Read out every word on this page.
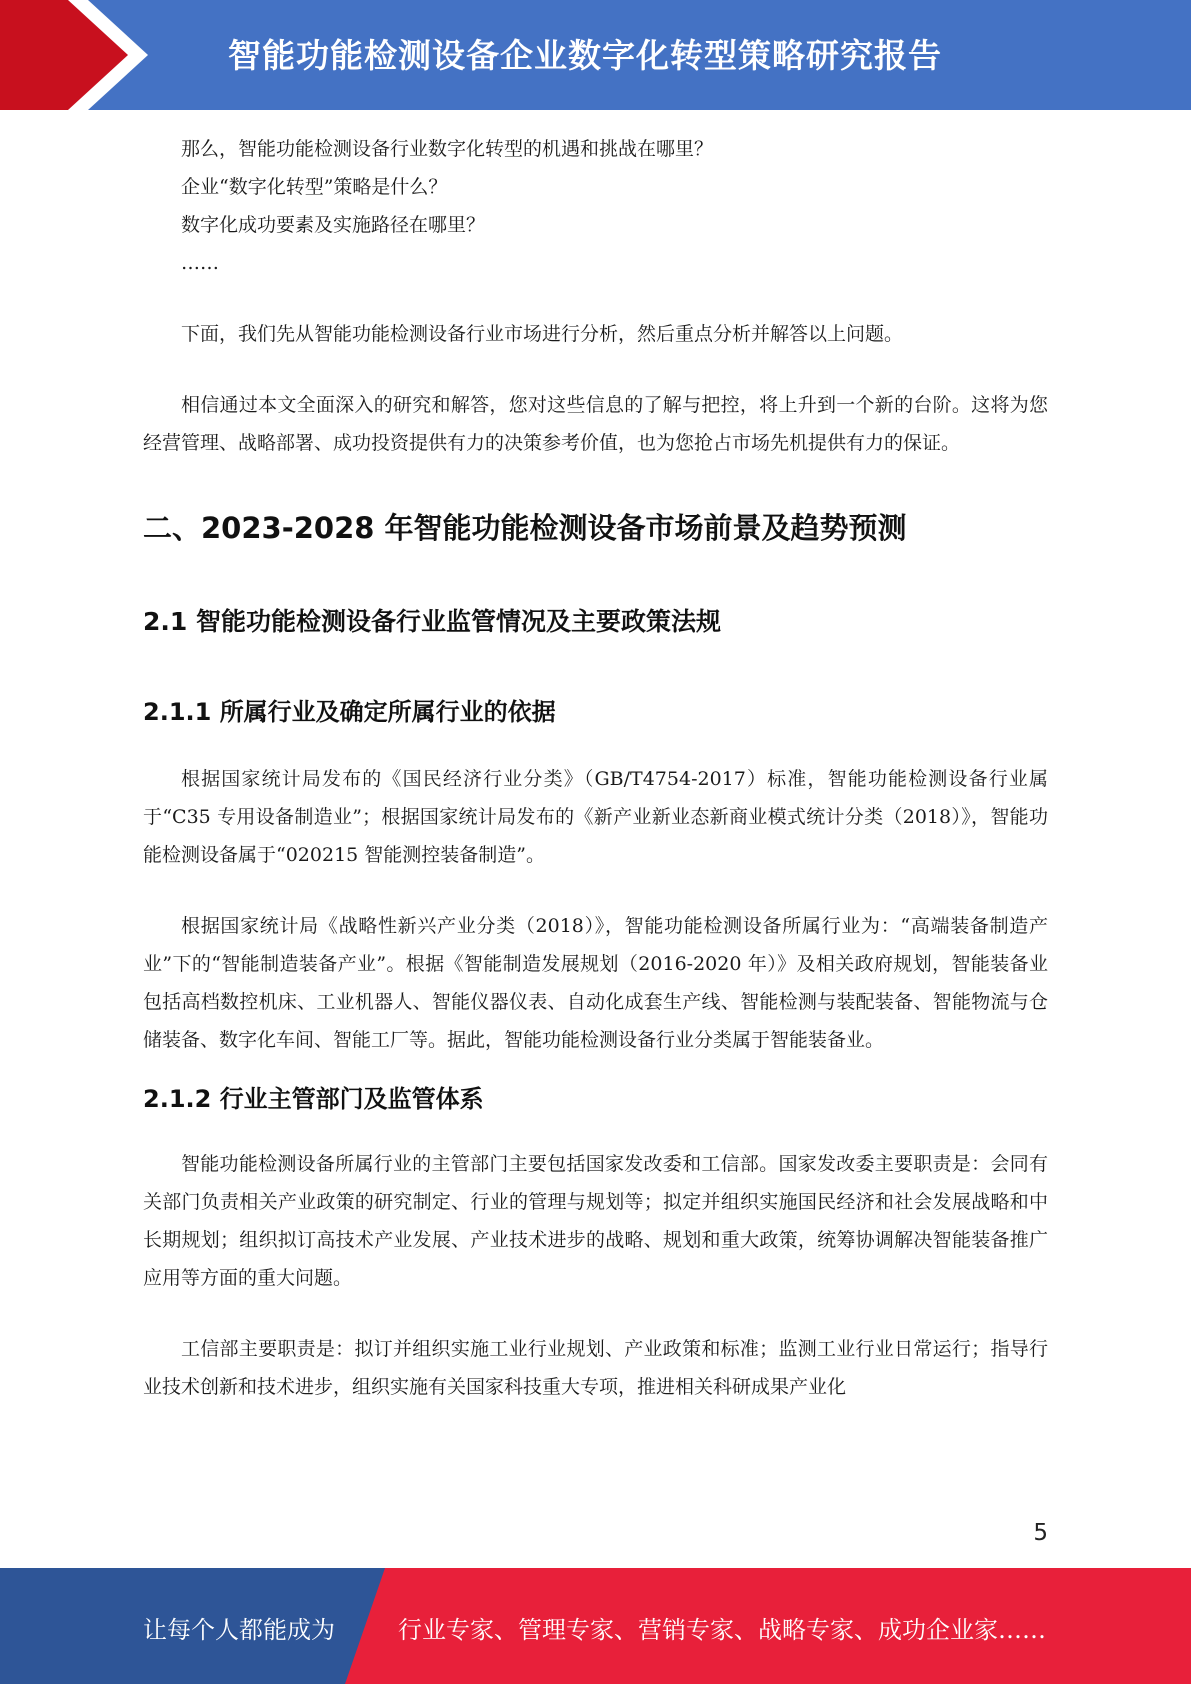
智能功能检测设备企业数字化转型策略研究报告

那么，智能功能检测设备行业数字化转型的机遇和挑战在哪里？

企业“数字化转型”策略是什么？

数字化成功要素及实施路径在哪里？

……

下面，我们先从智能功能检测设备行业市场进行分析，然后重点分析并解答以上问题。

相信通过本文全面深入的研究和解答，您对这些信息的了解与把控，将上升到一个新的台阶。这将为您经营管理、战略部署、成功投资提供有力的决策参考价值，也为您抢占市场先机提供有力的保证。

二、2023-2028 年智能功能检测设备市场前景及趋势预测
2.1 智能功能检测设备行业监管情况及主要政策法规
2.1.1 所属行业及确定所属行业的依据

根据国家统计局发布的《国民经济行业分类》（GB/T4754-2017）标准，智能功能检测设备行业属于“C35 专用设备制造业”；根据国家统计局发布的《新产业新业态新商业模式统计分类（2018）》，智能功能检测设备属于“020215 智能测控装备制造”。

根据国家统计局《战略性新兴产业分类（2018）》，智能功能检测设备所属行业为：“高端装备制造产业”下的“智能制造装备产业”。根据《智能制造发展规划（2016-2020 年）》及相关政府规划，智能装备业包括高档数控机床、工业机器人、智能仪器仪表、自动化成套生产线、智能检测与装配装备、智能物流与仓储装备、数字化车间、智能工厂等。据此，智能功能检测设备行业分类属于智能装备业。

2.1.2 行业主管部门及监管体系

智能功能检测设备所属行业的主管部门主要包括国家发改委和工信部。国家发改委主要职责是：会同有关部门负责相关产业政策的研究制定、行业的管理与规划等；拟定并组织实施国民经济和社会发展战略和中长期规划；组织拟订高技术产业发展、产业技术进步的战略、规划和重大政策，统筹协调解决智能装备推广应用等方面的重大问题。

工信部主要职责是：拟订并组织实施工业行业规划、产业政策和标准；监测工业行业日常运行；指导行业技术创新和技术进步，组织实施有关国家科技重大专项，推进相关科研成果产业化

5
让每个人都能成为	行业专家、管理专家、营销专家、战略专家、成功企业家……
